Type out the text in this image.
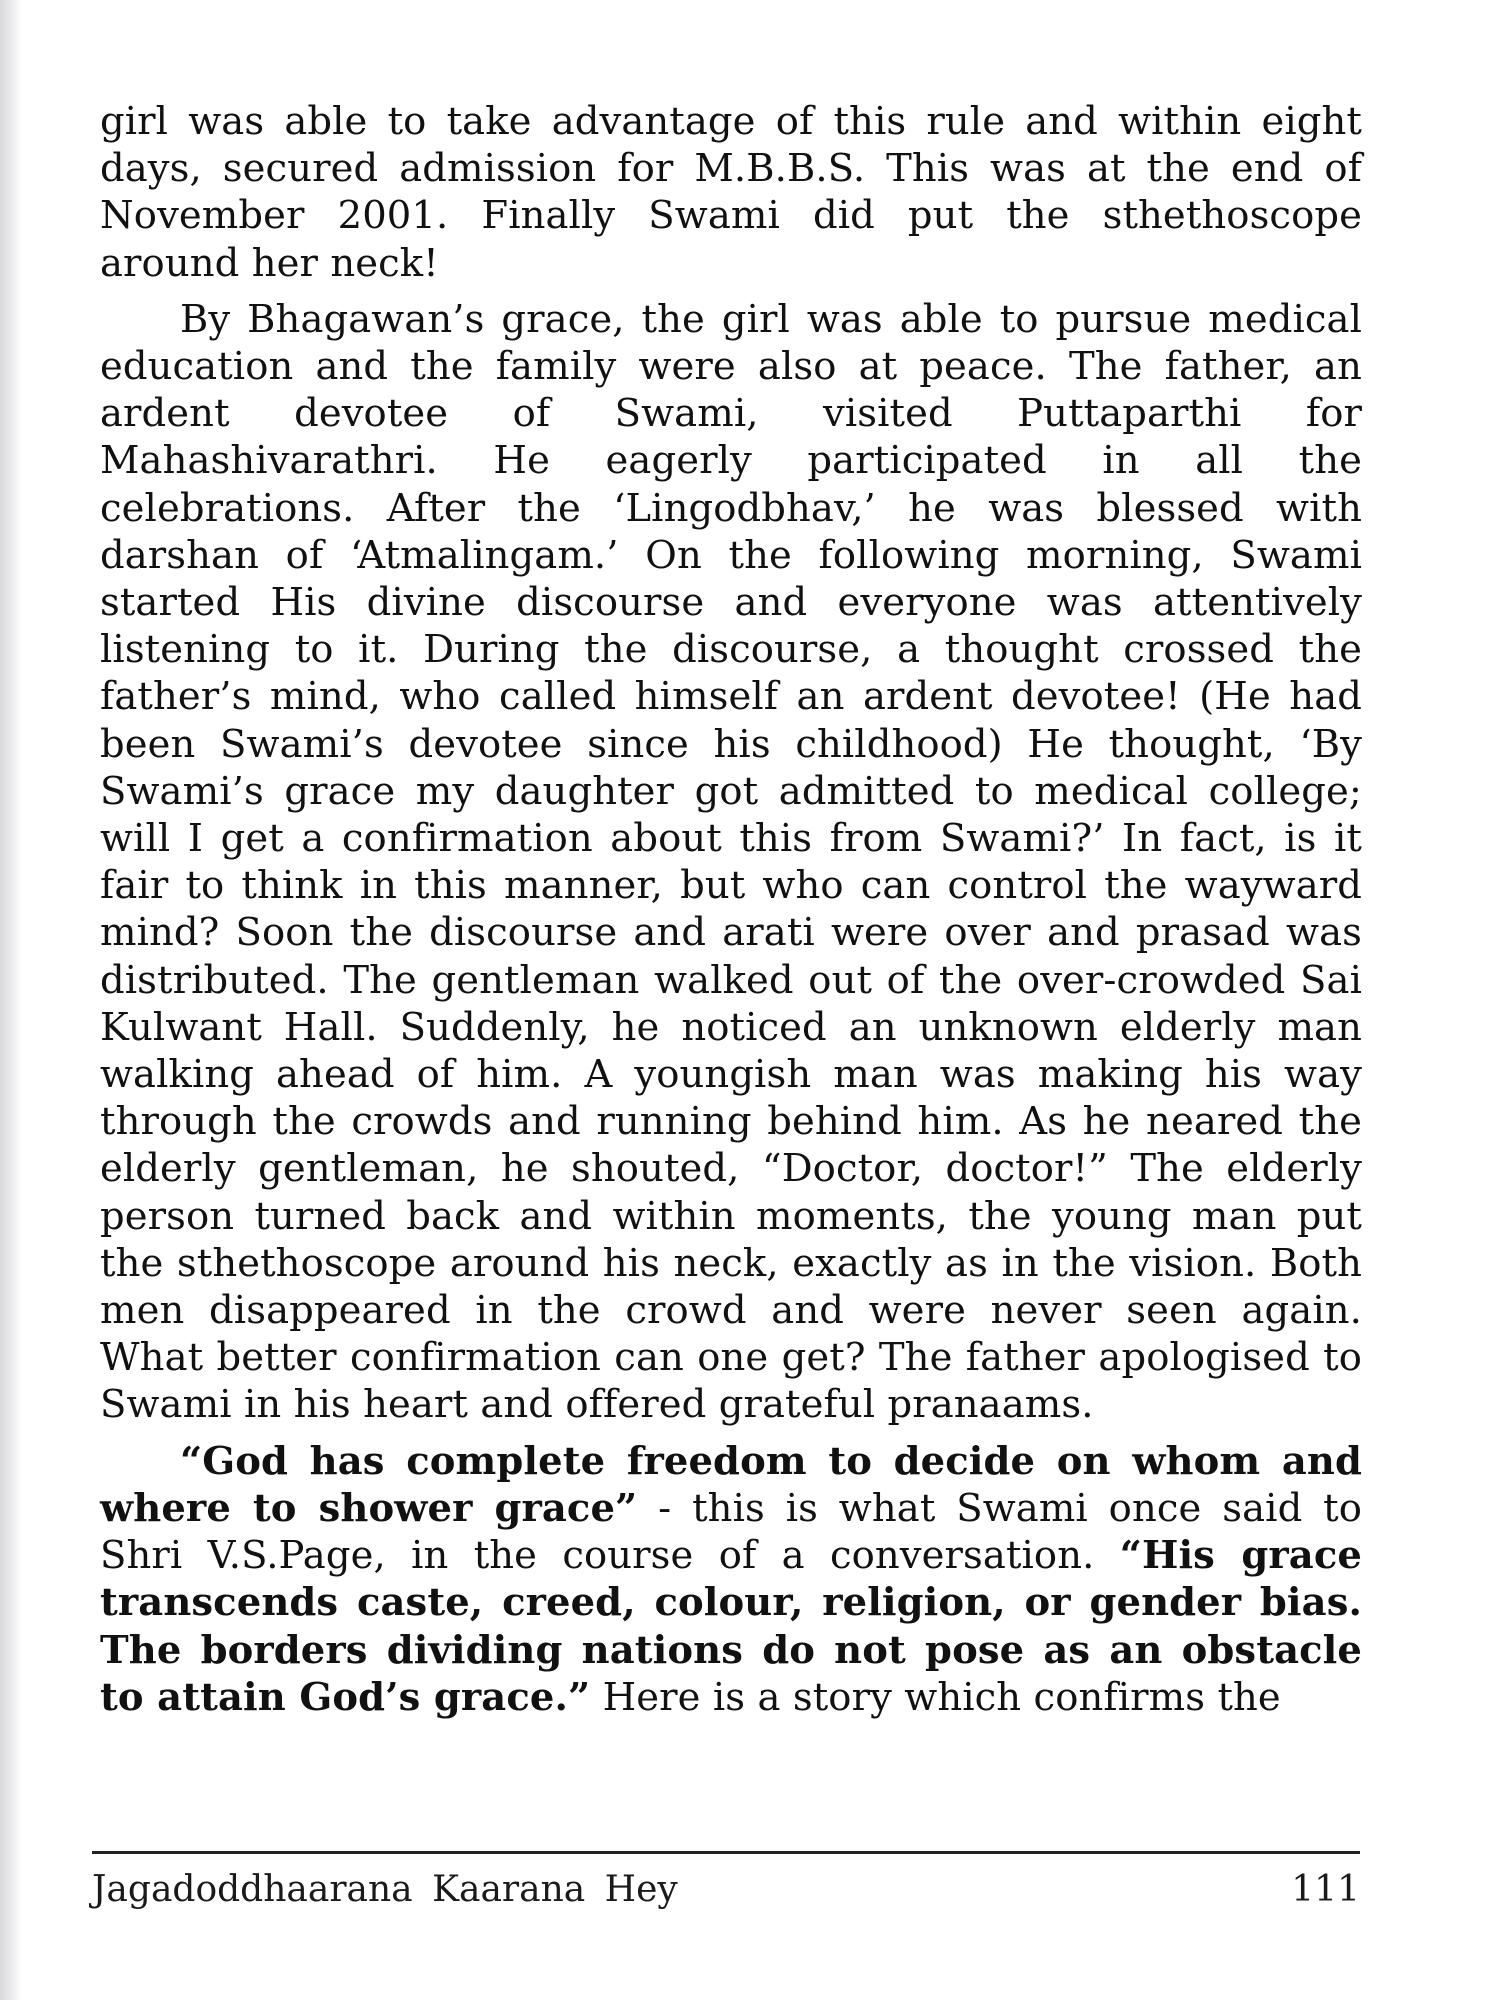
girl was able to take advantage of this rule and within eight days, secured admission for M.B.B.S. This was at the end of November 2001. Finally Swami did put the sthethoscope around her neck!

By Bhagawan’s grace, the girl was able to pursue medical education and the family were also at peace. The father, an ardent devotee of Swami, visited Puttaparthi for Mahashivarathri. He eagerly participated in all the celebrations. After the ‘Lingodbhav,’ he was blessed with darshan of ‘Atmalingam.’ On the following morning, Swami started His divine discourse and everyone was attentively listening to it. During the discourse, a thought crossed the father’s mind, who called himself an ardent devotee! (He had been Swami’s devotee since his childhood) He thought, ‘By Swami’s grace my daughter got admitted to medical college; will I get a confirmation about this from Swami?’ In fact, is it fair to think in this manner, but who can control the wayward mind? Soon the discourse and arati were over and prasad was distributed. The gentleman walked out of the over-crowded Sai Kulwant Hall. Suddenly, he noticed an unknown elderly man walking ahead of him. A youngish man was making his way through the crowds and running behind him. As he neared the elderly gentleman, he shouted, “Doctor, doctor!” The elderly person turned back and within moments, the young man put the sthethoscope around his neck, exactly as in the vision. Both men disappeared in the crowd and were never seen again. What better confirmation can one get? The father apologised to Swami in his heart and offered grateful pranaams.

“God has complete freedom to decide on whom and where to shower grace” - this is what Swami once said to Shri V.S.Page, in the course of a conversation. “His grace transcends caste, creed, colour, religion, or gender bias. The borders dividing nations do not pose as an obstacle to attain God’s grace.” Here is a story which confirms the

Jagadoddhaarana Kaarana Hey	111
